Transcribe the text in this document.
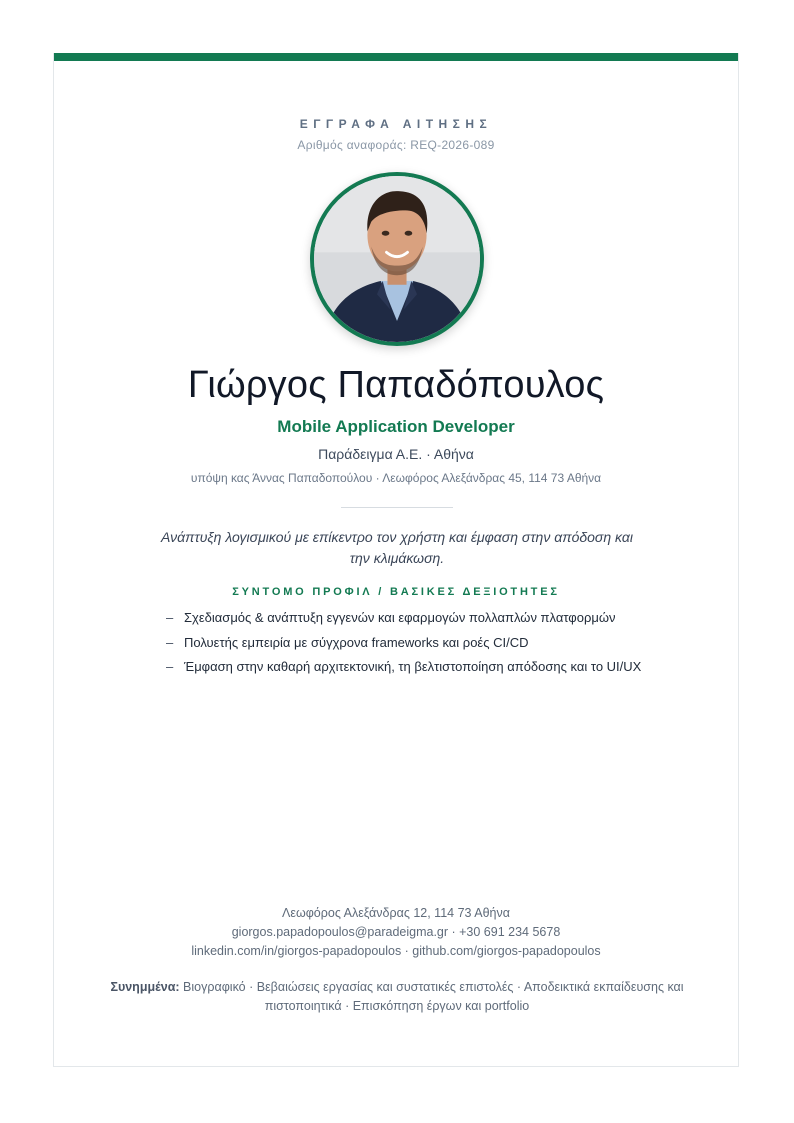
ΕΓΓΡΑΦΑ ΑΙΤΗΣΗΣ
Αριθμός αναφοράς: REQ-2026-089
Γιώργος Παπαδόπουλος
Mobile Application Developer
Παράδειγμα Α.Ε. · Αθήνα
υπόψη κας Άννας Παπαδοπούλου · Λεωφόρος Αλεξάνδρας 45, 114 73 Αθήνα
Ανάπτυξη λογισμικού με επίκεντρο τον χρήστη και έμφαση στην απόδοση και την κλιμάκωση.
ΣΥΝΤΟΜΟ ΠΡΟΦΙΛ / ΒΑΣΙΚΕΣ ΔΕΞΙΟΤΗΤΕΣ
– Σχεδιασμός & ανάπτυξη εγγενών και εφαρμογών πολλαπλών πλατφορμών
– Πολυετής εμπειρία με σύγχρονα frameworks και ροές CI/CD
– Έμφαση στην καθαρή αρχιτεκτονική, τη βελτιστοποίηση απόδοσης και το UI/UX
Λεωφόρος Αλεξάνδρας 12, 114 73 Αθήνα
giorgos.papadopoulos@paradeigma.gr · +30 691 234 5678
linkedin.com/in/giorgos-papadopoulos · github.com/giorgos-papadopoulos
Συνημμένα: Βιογραφικό · Βεβαιώσεις εργασίας και συστατικές επιστολές · Αποδεικτικά εκπαίδευσης και πιστοποιητικά · Επισκόπηση έργων και portfolio
